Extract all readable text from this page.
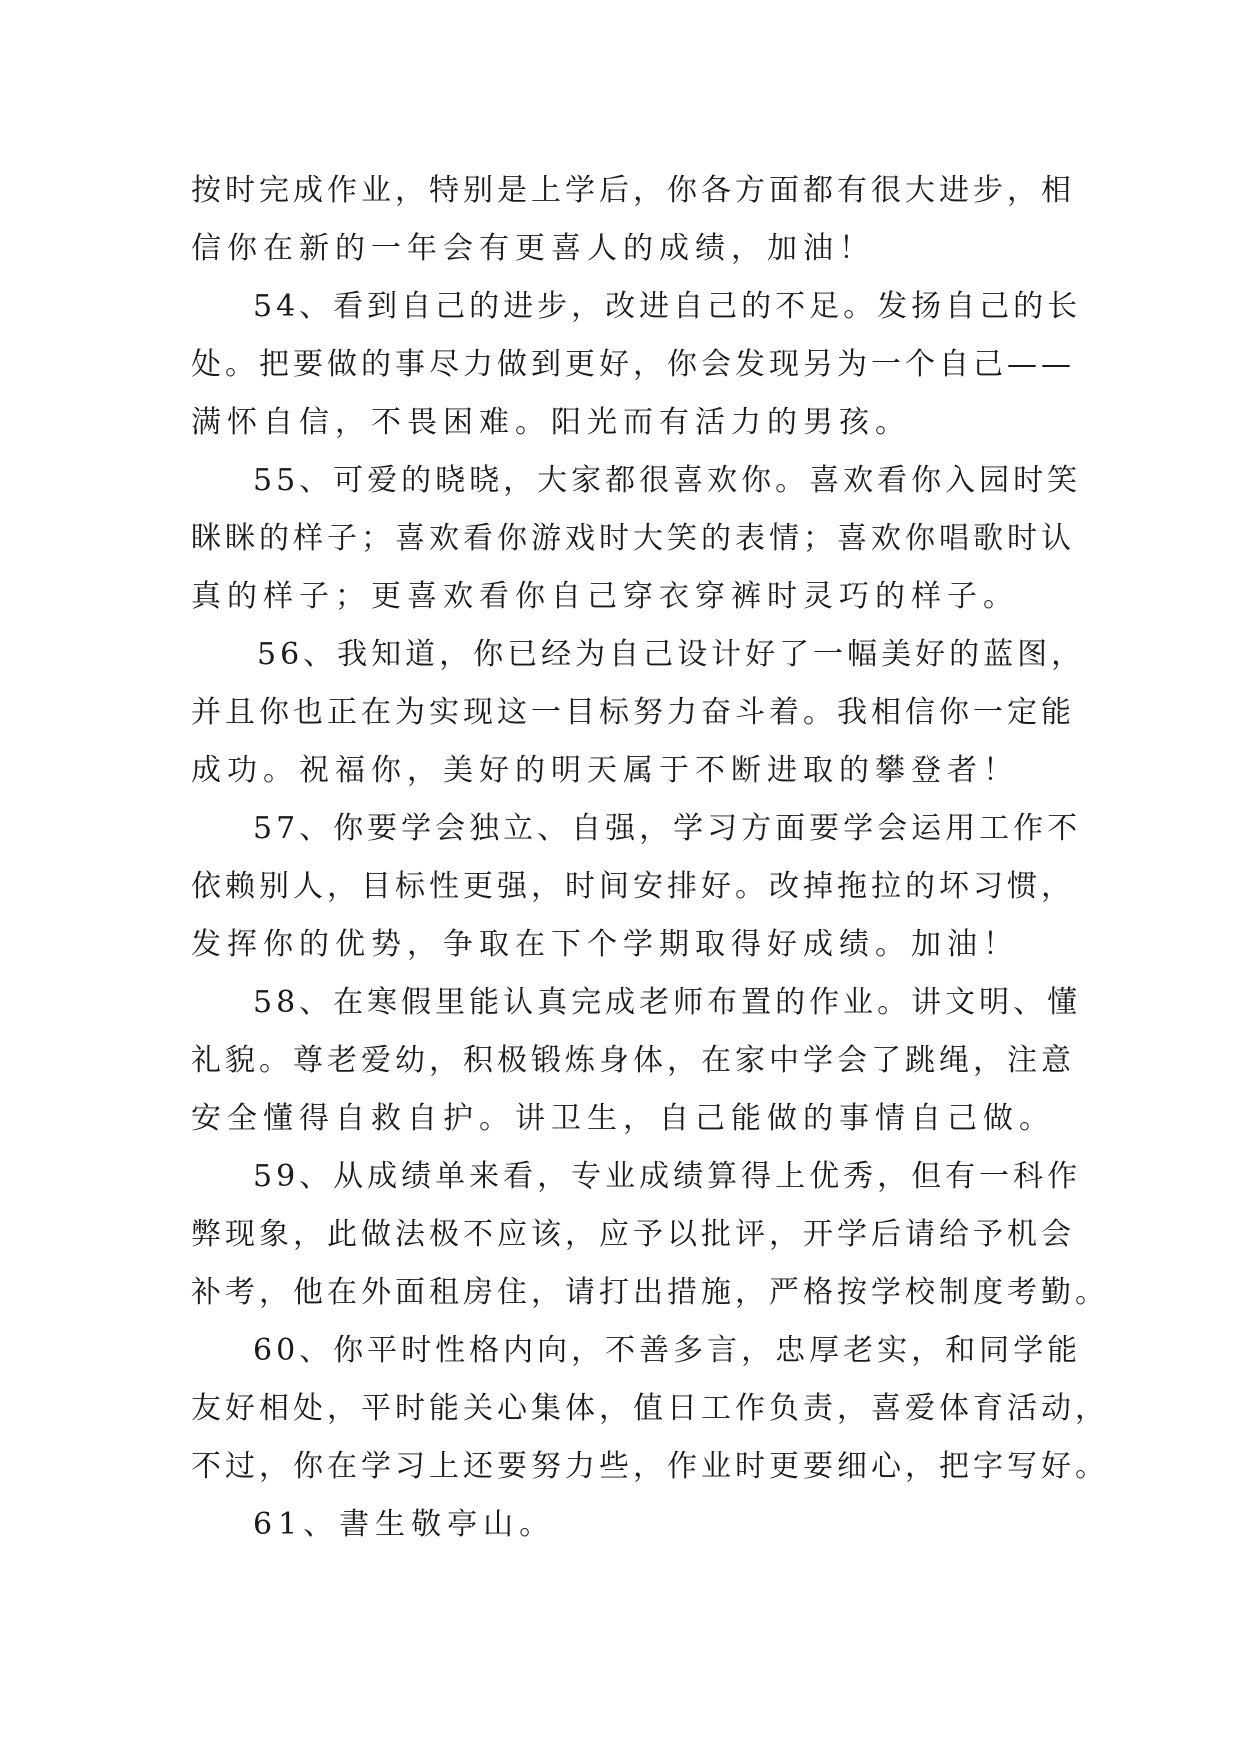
按时完成作业，特别是上学后，你各方面都有很大进步，相

信你在新的一年会有更喜人的成绩，加油！

54、看到自己的进步，改进自己的不足。发扬自己的长

处。把要做的事尽力做到更好，你会发现另为一个自己——

满怀自信，不畏困难。阳光而有活力的男孩。

55、可爱的晓晓，大家都很喜欢你。喜欢看你入园时笑

眯眯的样子；喜欢看你游戏时大笑的表情；喜欢你唱歌时认

真的样子；更喜欢看你自己穿衣穿裤时灵巧的样子。

56、我知道，你已经为自己设计好了一幅美好的蓝图，

并且你也正在为实现这一目标努力奋斗着。我相信你一定能

成功。祝福你，美好的明天属于不断进取的攀登者！

57、你要学会独立、自强，学习方面要学会运用工作不

依赖别人，目标性更强，时间安排好。改掉拖拉的坏习惯，

发挥你的优势，争取在下个学期取得好成绩。加油！

58、在寒假里能认真完成老师布置的作业。讲文明、懂

礼貌。尊老爱幼，积极锻炼身体，在家中学会了跳绳，注意

安全懂得自救自护。讲卫生，自己能做的事情自己做。

59、从成绩单来看，专业成绩算得上优秀，但有一科作

弊现象，此做法极不应该，应予以批评，开学后请给予机会

补考，他在外面租房住，请打出措施，严格按学校制度考勤。

60、你平时性格内向，不善多言，忠厚老实，和同学能

友好相处，平时能关心集体，值日工作负责，喜爱体育活动，

不过，你在学习上还要努力些，作业时更要细心，把字写好。

61、書生敬亭山。
